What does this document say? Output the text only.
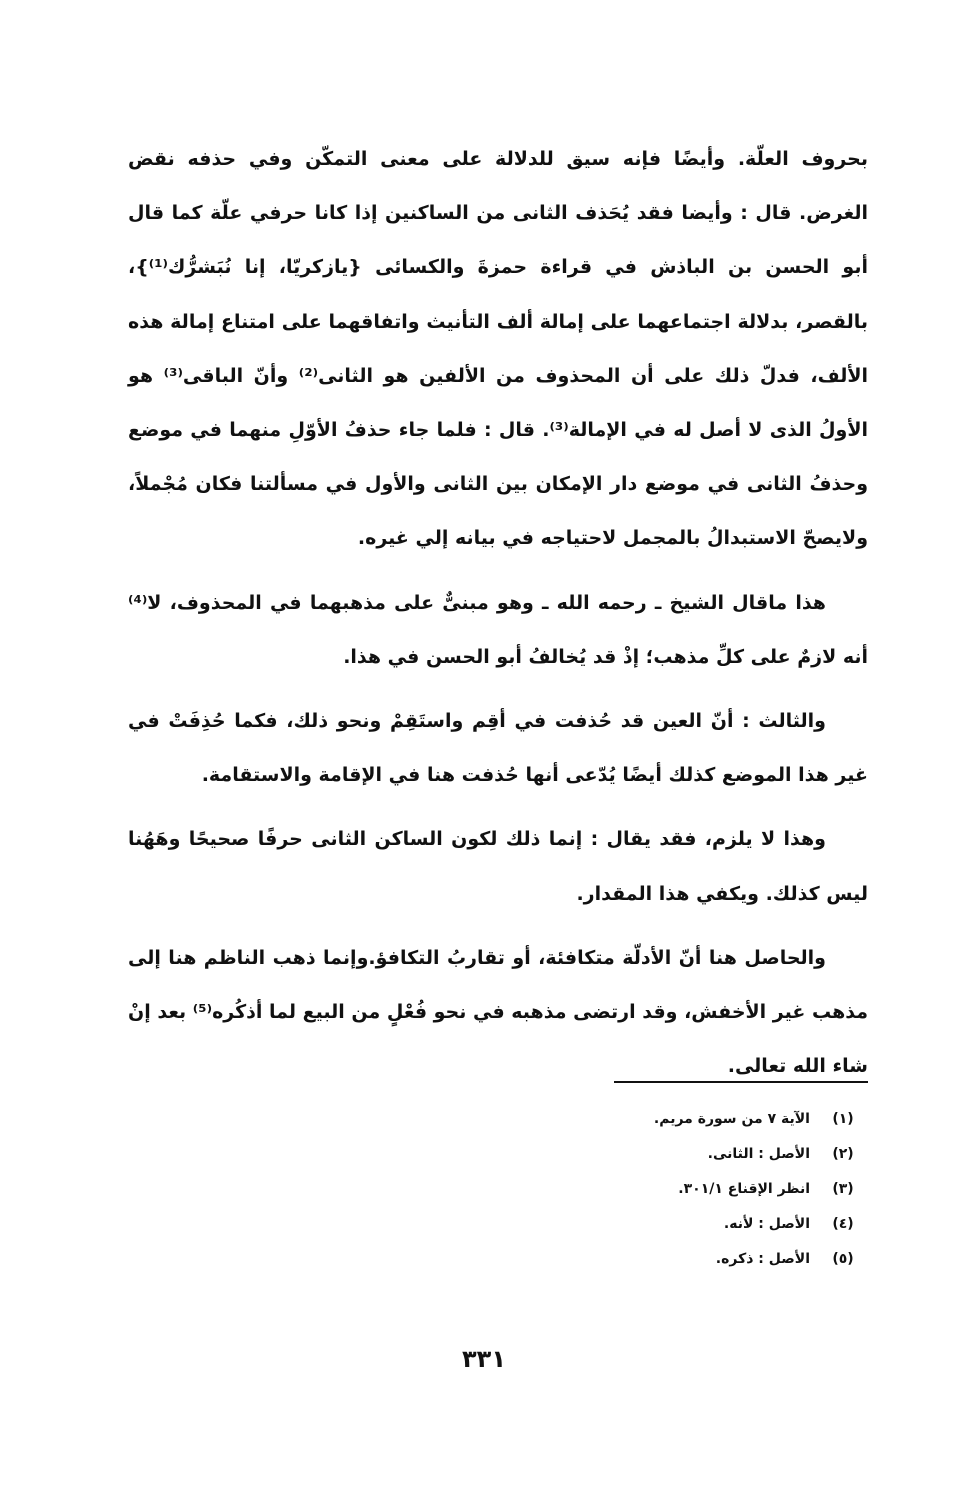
بحروف العلّة. وأيضًا فإنه سيق للدلالة على معنى التمكّن وفي حذفه نقض الغرض. قال : وأيضا فقد يُحَذف الثانى من الساكنين إذا كانا حرفي علّة كما قال أبو الحسن بن الباذش في قراءة حمزةَ والكسائى {يازكريّا، إنا نُبَشرُّك⁽¹⁾}، بالقصر، بدلالة اجتماعهما على إمالة ألف التأنيث واتفاقهما على امتناع إمالة هذه الألف، فدلّ ذلك على أن المحذوف من الألفين هو الثانى⁽²⁾ وأنّ الباقى⁽³⁾ هو الأولُ الذى لا أصل له في الإمالة⁽³⁾. قال : فلما جاء حذفُ الأوّلِ منهما في موضع وحذفُ الثانى في موضع دار الإمكان بين الثانى والأول في مسألتنا فكان مُجْملاً، ولايصحّ الاستبدالُ بالمجمل لاحتياجه في بيانه إلي غيره.

هذا ماقال الشيخ ـ رحمه الله ـ وهو مبنىٌّ على مذهبهما في المحذوف، لا⁽⁴⁾ أنه لازمٌ على كلِّ مذهب؛ إذْ قد يُخالفُ أبو الحسن في هذا.

والثالث : أنّ العين قد حُذفت في أقِم واستَقِمْ ونحو ذلك، فكما حُذِفَتْ في غير هذا الموضع كذلك أيضًا يُدّعى أنها حُذفت هنا في الإقامة والاستقامة.

وهذا لا يلزم، فقد يقال : إنما ذلك لكون الساكن الثانى حرفًا صحيحًا وهَهُنا ليس كذلك. ويكفي هذا المقدار.

والحاصل هنا أنّ الأدلّة متكافئة، أو تقاربُ التكافؤ.وإنما ذهب الناظم هنا إلى مذهب غير الأخفش، وقد ارتضى مذهبه في نحو فُعْلٍ من البيع لما أذكُره⁽⁵⁾ بعد إنْ شاء الله تعالى.

(١)
الآية ٧ من سورة مريم.
(٢)
الأصل : الثانى.
(٣)
انظر الإقناع ٣٠١/١.
(٤)
الأصل : لأنه.
(٥)
الأصل : ذكره.
٣٣١
